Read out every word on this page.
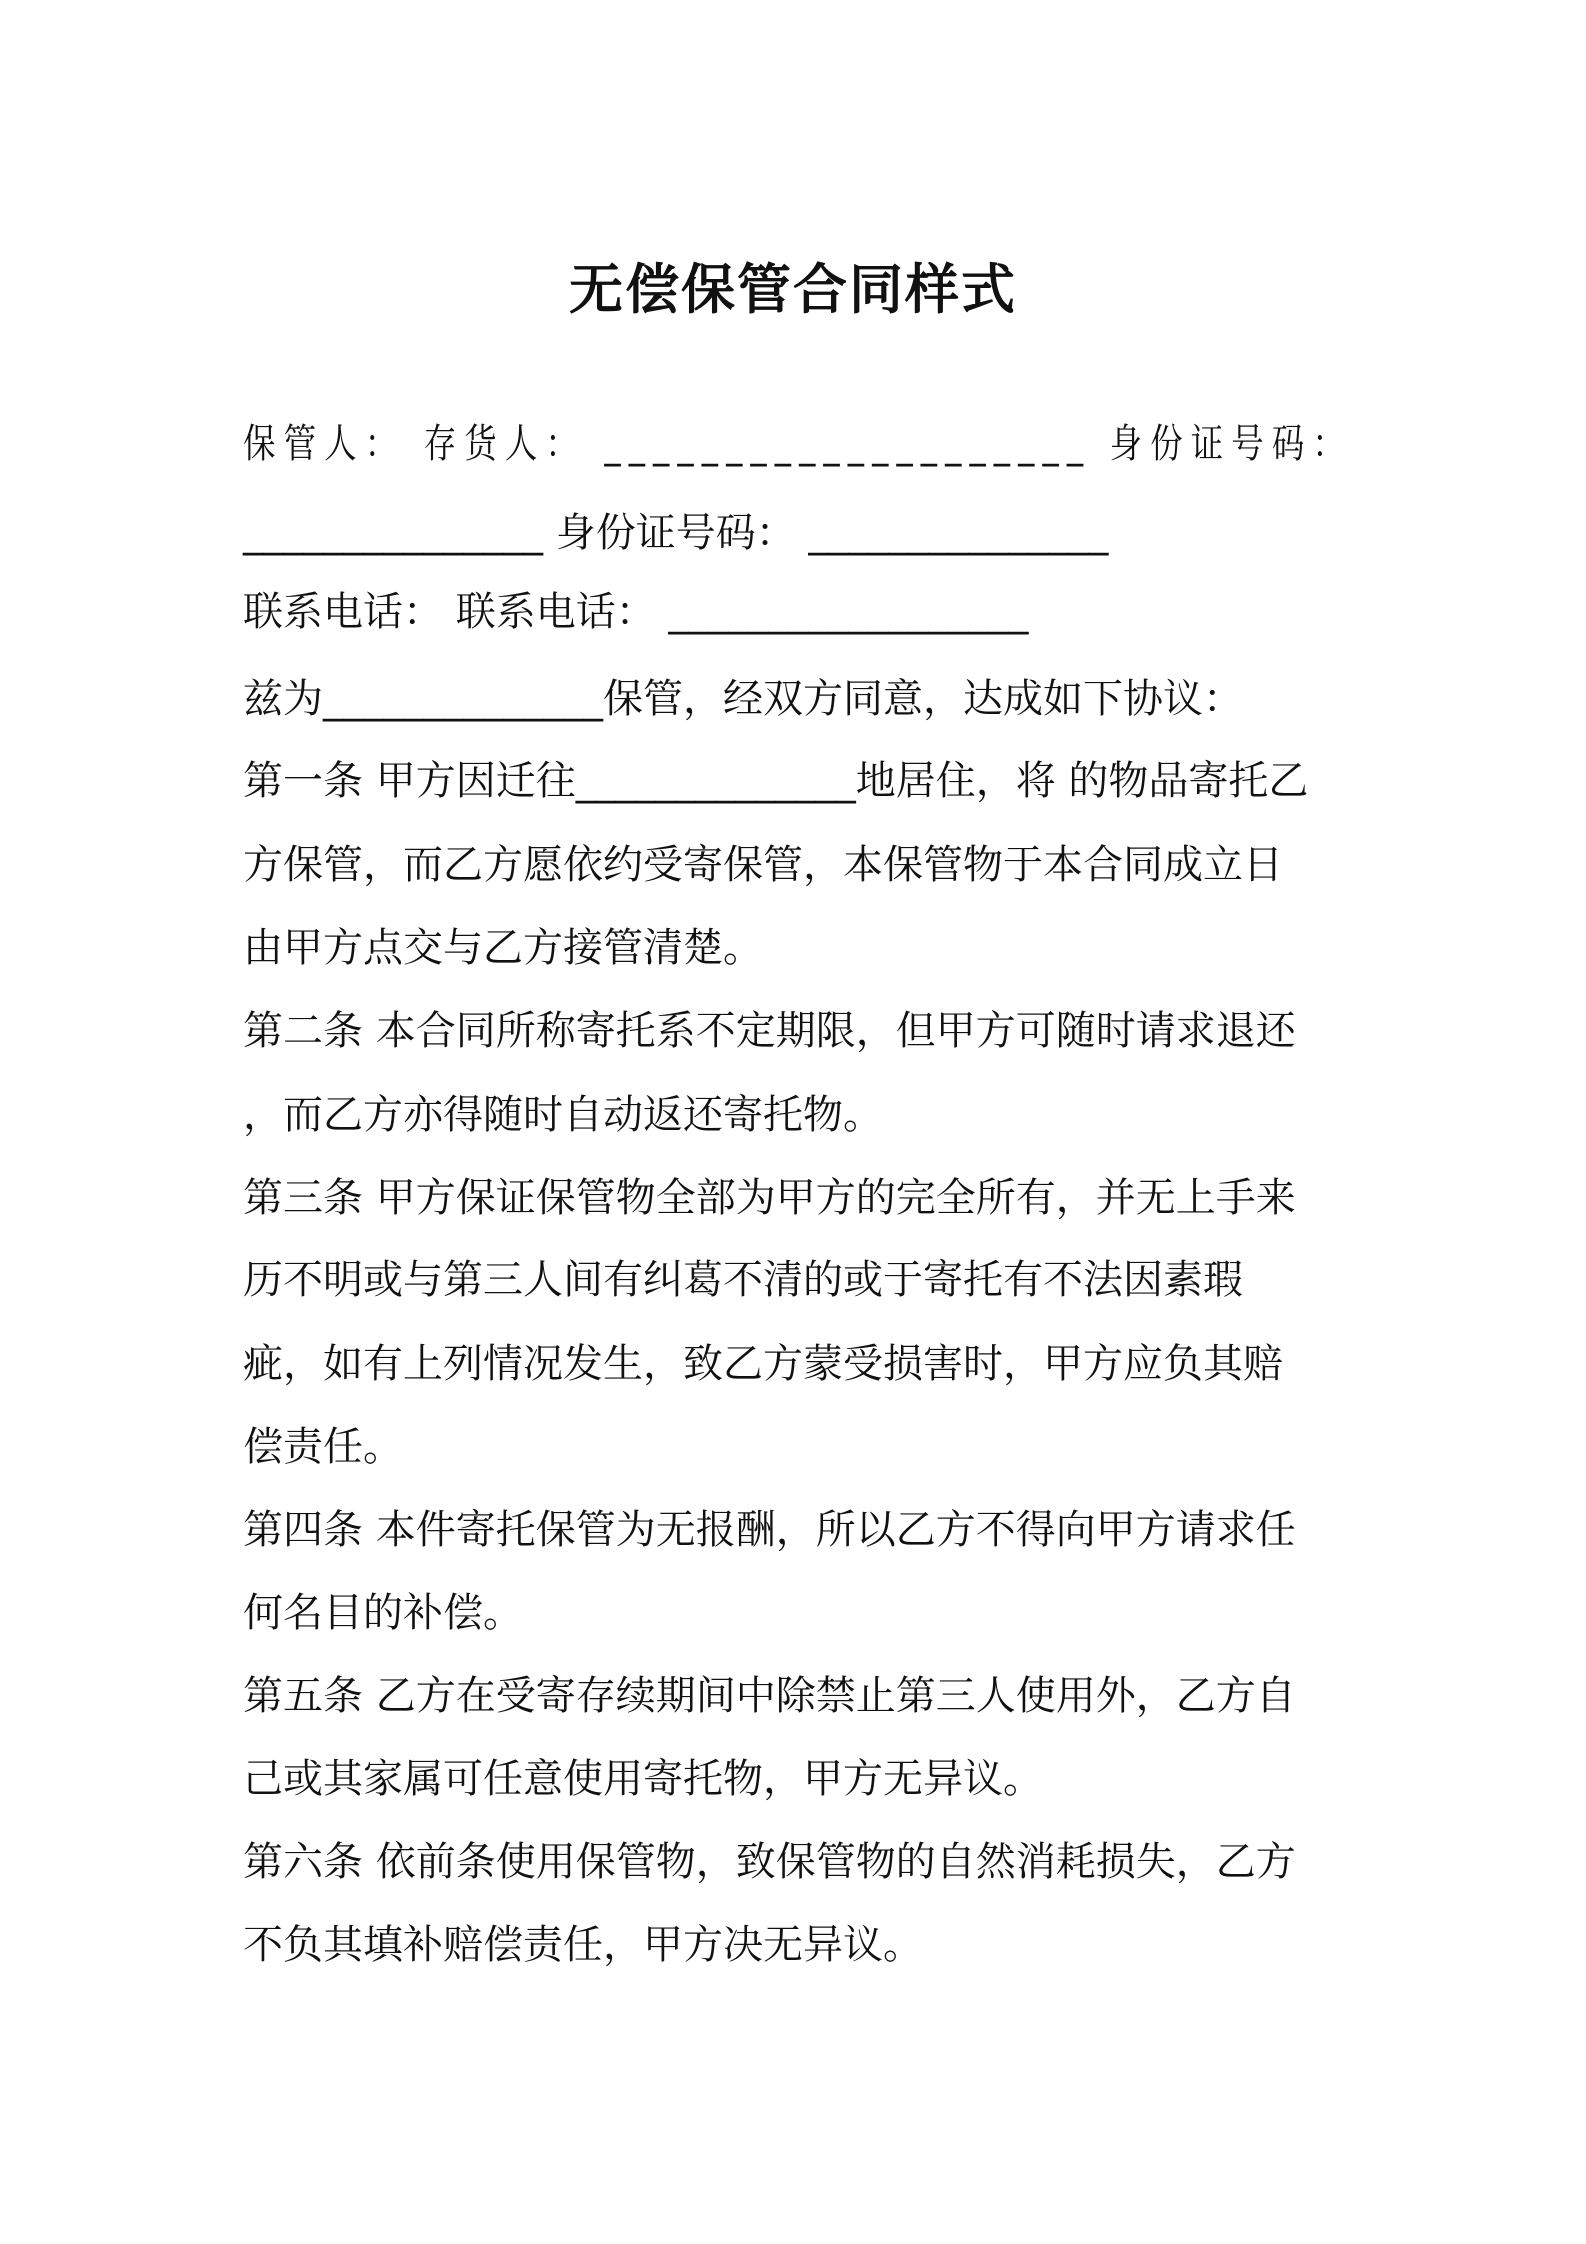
无偿保管合同样式
保管人： 存货人： ____________________ 身份证号码：
_______________ 身份证号码： _______________
联系电话： 联系电话： __________________
兹为______________保管，经双方同意，达成如下协议：
第一条 甲方因迁往______________地居住，将 的物品寄托乙
方保管，而乙方愿依约受寄保管，本保管物于本合同成立日
由甲方点交与乙方接管清楚。
第二条 本合同所称寄托系不定期限，但甲方可随时请求退还
，而乙方亦得随时自动返还寄托物。
第三条 甲方保证保管物全部为甲方的完全所有，并无上手来
历不明或与第三人间有纠葛不清的或于寄托有不法因素瑕
疵，如有上列情况发生，致乙方蒙受损害时，甲方应负其赔
偿责任。
第四条 本件寄托保管为无报酬，所以乙方不得向甲方请求任
何名目的补偿。
第五条 乙方在受寄存续期间中除禁止第三人使用外，乙方自
己或其家属可任意使用寄托物，甲方无异议。
第六条 依前条使用保管物，致保管物的自然消耗损失，乙方
不负其填补赔偿责任，甲方决无异议。
